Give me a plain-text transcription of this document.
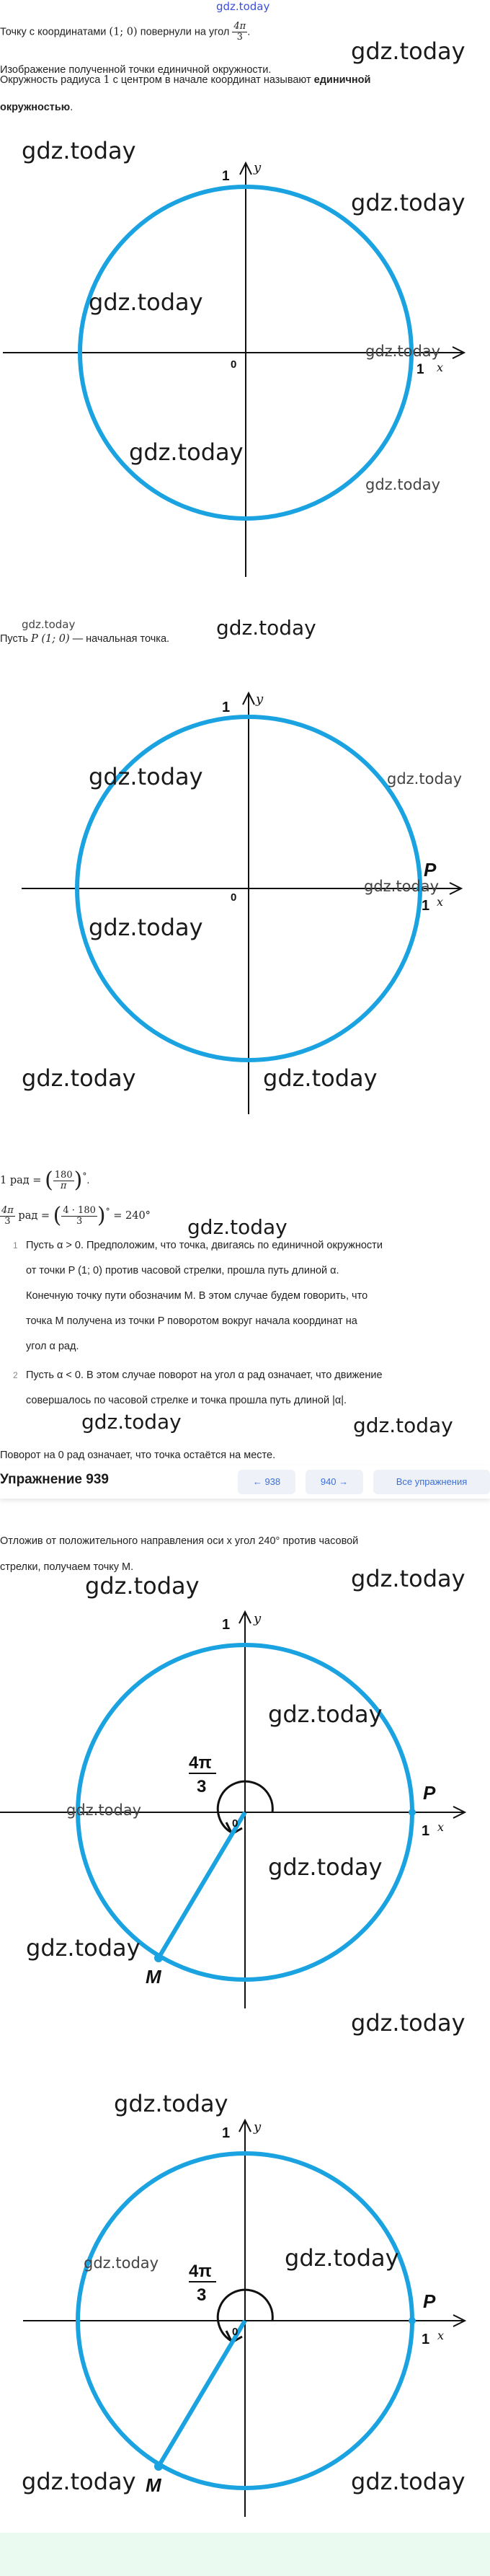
gdz.today
Точку с координатами (1; 0) повернули на угол $\frac{4\pi}{3}$ .
Изображение полученной точки единичной окружности.
Окружность радиуса 1 с центром в начале координат называют единичной
окружностью.
gdz.today
y
1
1 x
0
gdz.today
gdz.today
gdz.today
gdz.today
gdz.today
gdz.today
gdz.today
Пусть P (1; 0) — начальная точка. gdz.today
P
1
y
1 x
0
gdz.today	gdz.today
gdz.today
gdz.today
gdz.today	gdz.today
1 рад = ( $\frac{180}{\pi} )^\circ$.
$\frac{4\pi}{3}$ рад = ( $\frac{4 \cdot 180}{3} )^\circ = 240^\circ$ gdz.today
1 Пусть α > 0. Предположим, что точка, двигаясь по единичной окружности
от точки P (1; 0) против часовой стрелки, прошла путь длиной α.
Конечную точку пути обозначим M. В этом случае будем говорить, что
точка M получена из точки P поворотом вокруг начала координат на
угол α рад.
2 Пусть α < 0. В этом случае поворот на угол α рад означает, что движение
совершалось по часовой стрелке и точка прошла путь длиной |α|.
gdz.today	gdz.today
Поворот на 0 рад означает, что точка остаётся на месте.
Упражнение 939	← 938	940 →	Все упражнения
Отложив от положительного направления оси x угол 240° против часовой
стрелки, получаем точку M.
gdz.today	gdz.today
4π
3	P
M
1 y
1 x
0
gdz.today
gdz.today
gdz.today
gdz.today
gdz.today
4π
3	P
M
1 y
1 x
0
gdz.today
gdz.today	gdz.today
gdz.today	gdz.today
